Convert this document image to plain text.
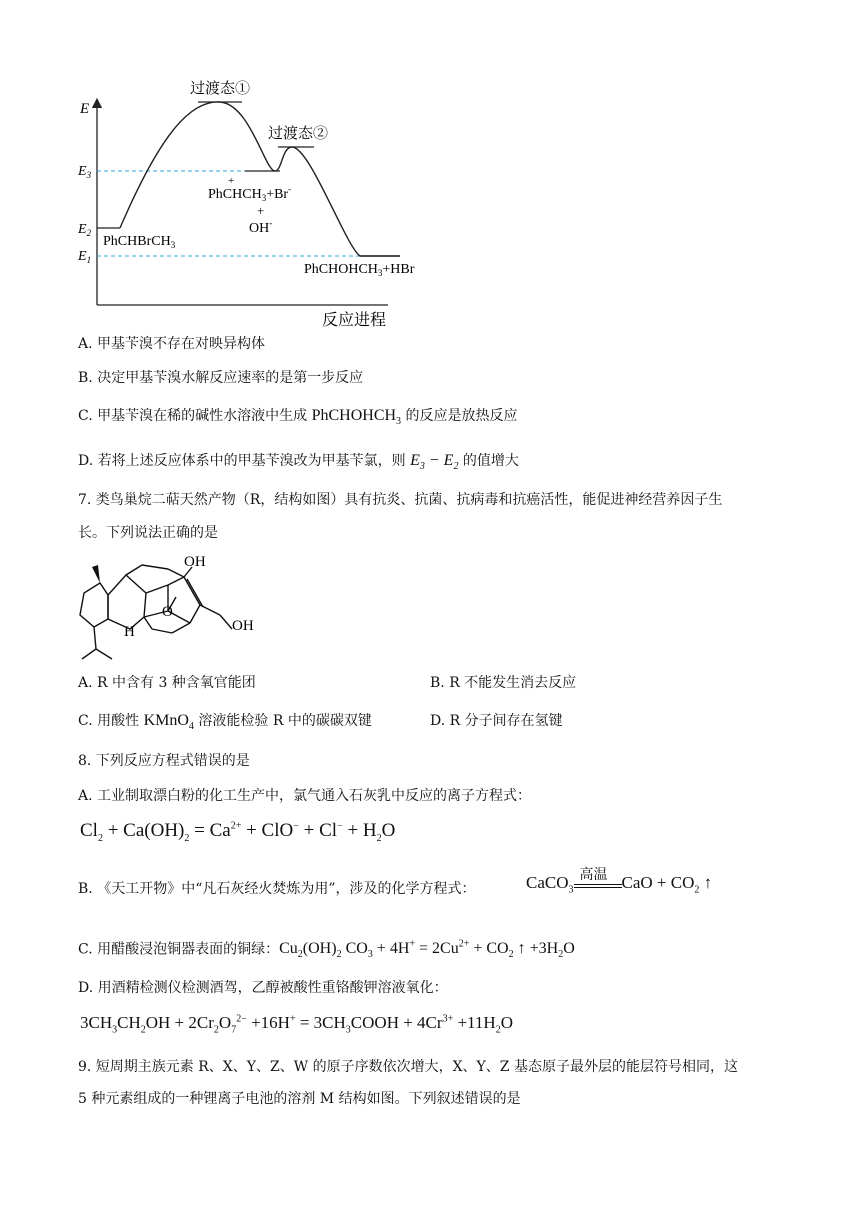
E
反应进程
$E_3$
$E_2$
$E_1$
过渡态①
过渡态②
PhCHBrCH$_3$
+
PhCHCH$_3$+Br-
+
OH-
PhCHOHCH$_3$+HBr
A. 甲基苄溴不存在对映异构体
B. 决定甲基苄溴水解反应速率的是第一步反应
C. 甲基苄溴在稀的碱性水溶液中生成 PhCHOHCH$_3$ 的反应是放热反应
D. 若将上述反应体系中的甲基苄溴改为甲基苄氯，则 $E_3 - E_2$ 的值增大
7. 类鸟巢烷二萜天然产物（R，结构如图）具有抗炎、抗菌、抗病毒和抗癌活性，能促进神经营养因子生
长。下列说法正确的是
OH
O
H	OH
A. R 中含有 3 种含氧官能团	B. R 不能发生消去反应
C. 用酸性 KMnO$_4$ 溶液能检验 R 中的碳碳双键	D. R 分子间存在氢键
8. 下列反应方程式错误的是
A. 工业制取漂白粉的化工生产中，氯气通入石灰乳中反应的离子方程式：
$Cl_2 + Ca(OH)_2 = Ca^{2+} + ClO^- + Cl^- + H_2O$
B. 《天工开物》中“凡石灰经火焚炼为用”，涉及的化学方程式：	CaCO$_3$
高温 CaO + $CO_2$ ↑
C. 用醋酸浸泡铜器表面的铜绿：$Cu_2(OH)_2$ $CO_3 + 4H^+ = 2Cu^{2+} + CO_2$ ↑ $+3H_2O$
D. 用酒精检测仪检测酒驾，乙醇被酸性重铬酸钾溶液氧化：
$3CH_3CH_2OH + 2Cr_2O_7^{2-} +16H^+$ = $3CH_3COOH + 4Cr^{3+} +11H_2O$
9. 短周期主族元素 R、X、Y、Z、W 的原子序数依次增大，X、Y、Z 基态原子最外层的能层符号相同，这
5 种元素组成的一种锂离子电池的溶剂 M 结构如图。下列叙述错误的是
